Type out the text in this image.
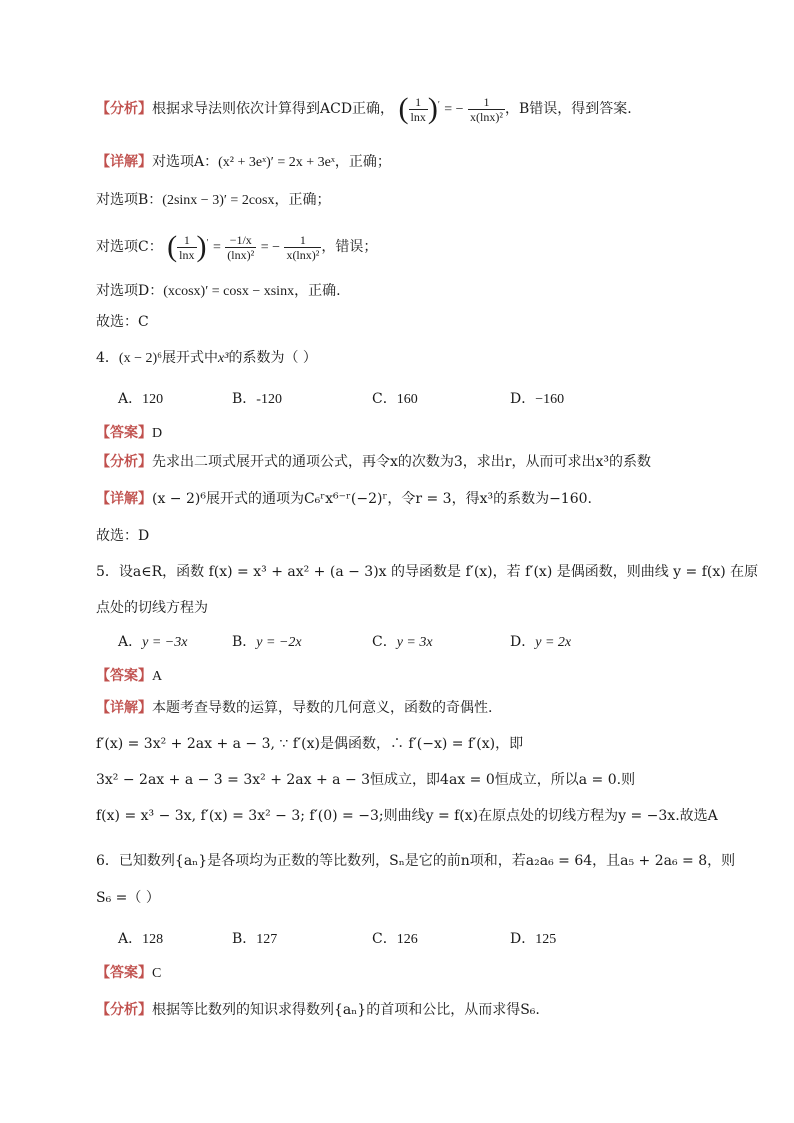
【分析】根据求导法则依次计算得到ACD正确， ( $\frac{1}{\ln x} )'$ = − $\frac{1}{\text{x(lnx)²}}$ ，B错误，得到答案.
【详解】对选项A：(x² + 3eˣ)′ = 2x + 3eˣ，正确；
对选项B：(2sinx − 3)′ = 2cosx，正确；
对选项C： ( $\frac{1}{\ln x} )' = \frac{-1/x}{\text{(lnx)²}}$ = − $\frac{1}{\text{x(lnx)²}}$ ，错误；
对选项D：(xcosx)′ = cosx − xsinx，正确.
故选：C
4．(x − 2)⁶展开式中x³的系数为（ ）
A．120	B．-120	C．160	D．−160
【答案】D
【分析】先求出二项式展开式的通项公式，再令x的次数为3，求出r，从而可求出x³的系数
【详解】(x − 2)⁶展开式的通项为C₆ʳx⁶⁻ʳ(−2)ʳ，令r = 3，得x³的系数为−160.
故选：D
5．设a∈R，函数 f(x) = x³ + ax² + (a − 3)x 的导函数是 f′(x)，若 f′(x) 是偶函数，则曲线 y = f(x) 在原
点处的切线方程为
A．y = −3x	B．y = −2x	C．y = 3x	D．y = 2x
【答案】A
【详解】本题考查导数的运算，导数的几何意义，函数的奇偶性.
f′(x) = 3x² + 2ax + a − 3, ∵ f′(x)是偶函数，∴ f′(−x) = f′(x)，即
3x² − 2ax + a − 3 = 3x² + 2ax + a − 3恒成立，即4ax = 0恒成立，所以a = 0.则
f(x) = x³ − 3x, f′(x) = 3x² − 3; f′(0) = −3;则曲线y = f(x)在原点处的切线方程为y = −3x.故选A
6．已知数列{aₙ}是各项均为正数的等比数列，Sₙ是它的前n项和，若a₂a₆ = 64，且a₅ + 2a₆ = 8，则
S₆ =（ ）
A．128	B．127	C．126	D．125
【答案】C
【分析】根据等比数列的知识求得数列{aₙ}的首项和公比，从而求得S₆.
